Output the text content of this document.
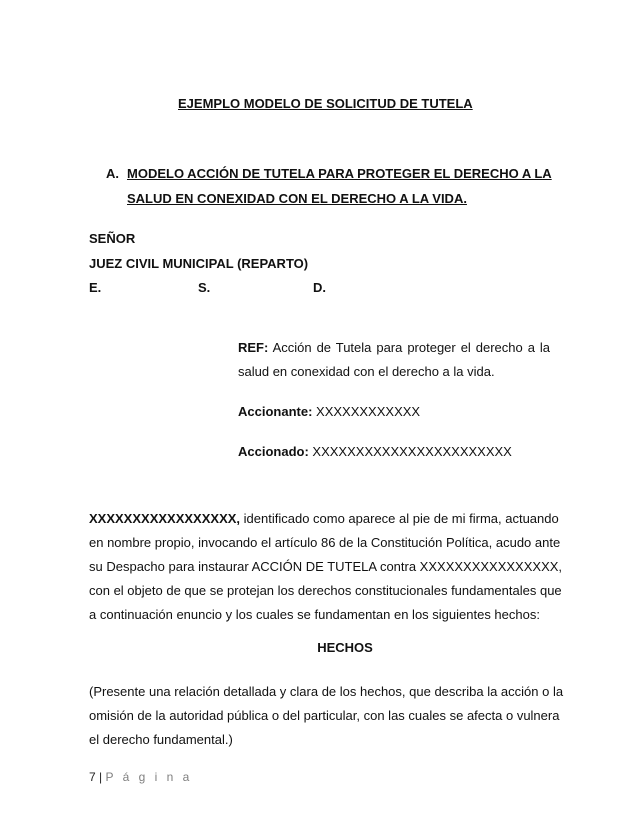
EJEMPLO MODELO DE SOLICITUD DE TUTELA
A. MODELO ACCIÓN DE TUTELA PARA PROTEGER EL DERECHO A LA
SALUD EN CONEXIDAD CON EL DERECHO A LA VIDA.
SEÑOR
JUEZ CIVIL MUNICIPAL (REPARTO)
E.	S.	D.
REF: Acción de Tutela para proteger el derecho a la
salud en conexidad con el derecho a la vida.
Accionante: XXXXXXXXXXXX
Accionado: XXXXXXXXXXXXXXXXXXXXXXX
XXXXXXXXXXXXXXXXX, identificado como aparece al pie de mi firma, actuando
en nombre propio, invocando el artículo 86 de la Constitución Política, acudo ante
su Despacho para instaurar ACCIÓN DE TUTELA contra XXXXXXXXXXXXXXXX,
con el objeto de que se protejan los derechos constitucionales fundamentales que
a continuación enuncio y los cuales se fundamentan en los siguientes hechos:
HECHOS
(Presente una relación detallada y clara de los hechos, que describa la acción o la
omisión de la autoridad pública o del particular, con las cuales se afecta o vulnera
el derecho fundamental.)
7 | P á g i n a
